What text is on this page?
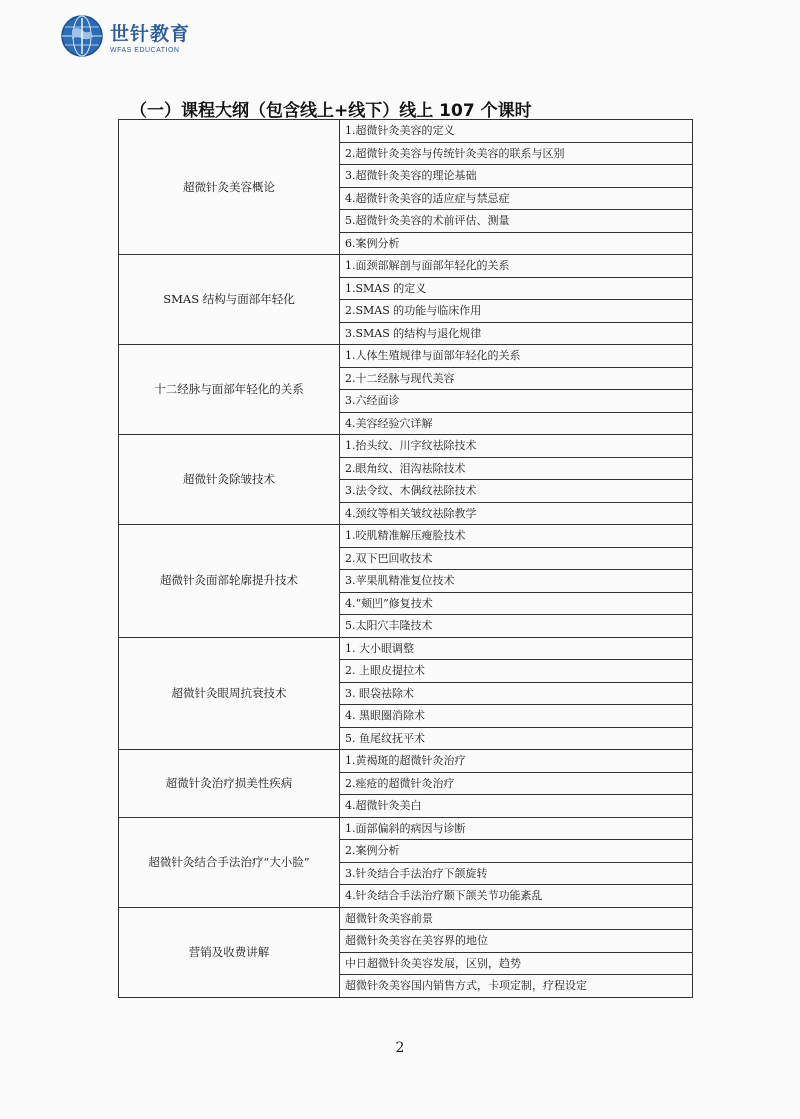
世针教育
WFAS EDUCATION
（一）课程大纲（包含线上+线下）线上 107 个课时
超微针灸美容概论	1.超微针灸美容的定义
	2.超微针灸美容与传统针灸美容的联系与区别
	3.超微针灸美容的理论基础
	4.超微针灸美容的适应症与禁忌症
	5.超微针灸美容的术前评估、测量
	6.案例分析
SMAS 结构与面部年轻化	1.面颈部解剖与面部年轻化的关系
	1.SMAS 的定义
	2.SMAS 的功能与临床作用
	3.SMAS 的结构与退化规律
十二经脉与面部年轻化的关系	1.人体生殖规律与面部年轻化的关系
	2.十二经脉与现代美容
	3.六经面诊
	4.美容经验穴详解
超微针灸除皱技术	1.抬头纹、川字纹祛除技术
	2.眼角纹、泪沟祛除技术
	3.法令纹、木偶纹祛除技术
	4.颈纹等相关皱纹祛除教学
超微针灸面部轮廓提升技术	1.咬肌精准解压瘦脸技术
	2.双下巴回收技术
	3.苹果肌精准复位技术
	4.“颊凹”修复技术
	5.太阳穴丰隆技术
超微针灸眼周抗衰技术	1. 大小眼调整
	2. 上眼皮提拉术
	3. 眼袋祛除术
	4. 黑眼圈消除术
	5. 鱼尾纹抚平术
超微针灸治疗损美性疾病	1.黄褐斑的超微针灸治疗
	2.痤疮的超微针灸治疗
	4.超微针灸美白
超微针灸结合手法治疗“大小脸”	1.面部偏斜的病因与诊断
	2.案例分析
	3.针灸结合手法治疗下颌旋转
	4.针灸结合手法治疗颞下颌关节功能紊乱
营销及收费讲解	超微针灸美容前景
	超微针灸美容在美容界的地位
	中日超微针灸美容发展，区别，趋势
	超微针灸美容国内销售方式，卡项定制，疗程设定
2
